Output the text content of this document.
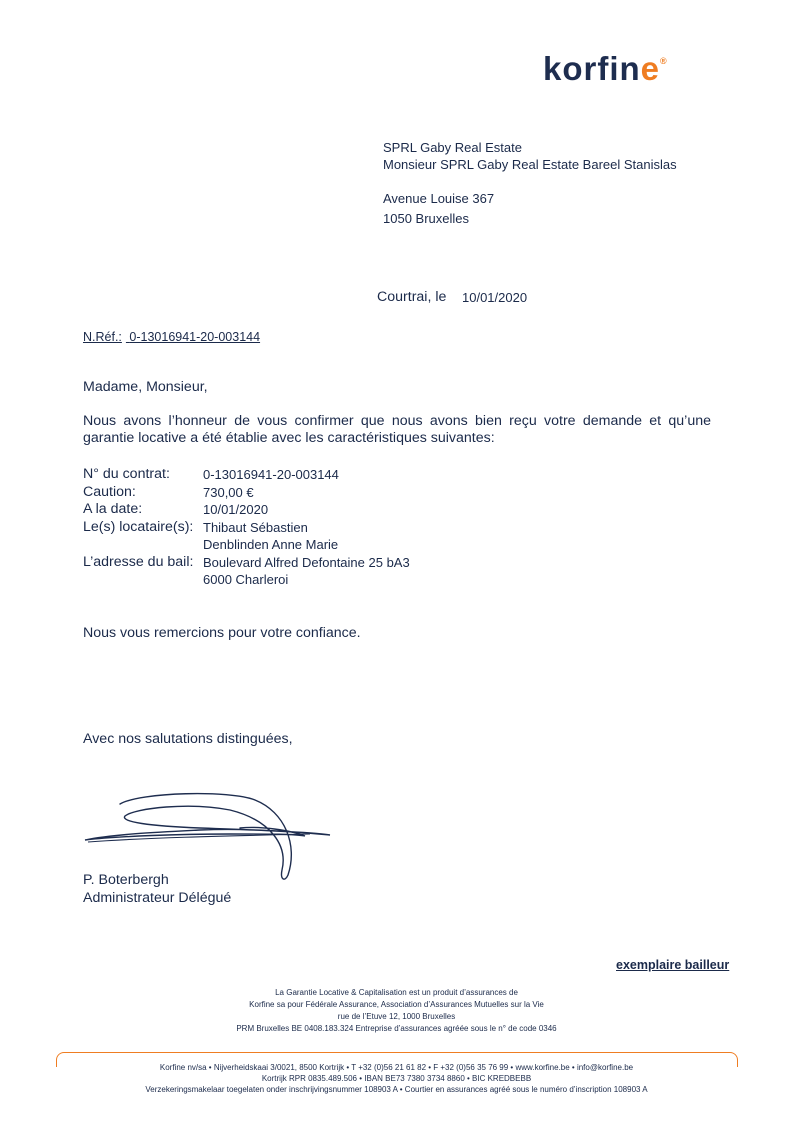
korfine®
SPRL Gaby Real Estate
Monsieur SPRL Gaby Real Estate Bareel Stanislas
Avenue Louise 367
1050 Bruxelles
Courtrai, le 10/01/2020
N.Réf.: 0-13016941-20-003144
Madame, Monsieur,
Nous avons l’honneur de vous confirmer que nous avons bien reçu votre demande et qu’une
garantie locative a été établie avec les caractéristiques suivantes:
N° du contrat:	0-13016941-20-003144
Caution:	730,00 €
A la date:	10/01/2020
Le(s) locataire(s): Thibaut Sébastien
Denblinden Anne Marie
L’adresse du bail: Boulevard Alfred Defontaine 25 bA3
6000 Charleroi
Nous vous remercions pour votre confiance.
Avec nos salutations distinguées,
P. Boterbergh
Administrateur Délégué
exemplaire bailleur
La Garantie Locative & Capitalisation est un produit d’assurances de
Korfine sa pour Fédérale Assurance, Association d’Assurances Mutuelles sur la Vie
rue de l’Etuve 12, 1000 Bruxelles
PRM Bruxelles BE 0408.183.324 Entreprise d’assurances agréée sous le n° de code 0346
Korfine nv/sa • Nijverheidskaai 3/0021, 8500 Kortrijk • T +32 (0)56 21 61 82 • F +32 (0)56 35 76 99 • www.korfine.be • info@korfine.be
Kortrijk RPR 0835.489.506 • IBAN BE73 7380 3734 8860 • BIC KREDBEBB
Verzekeringsmakelaar toegelaten onder inschrijvingsnummer 108903 A • Courtier en assurances agréé sous le numéro d’inscription 108903 A
